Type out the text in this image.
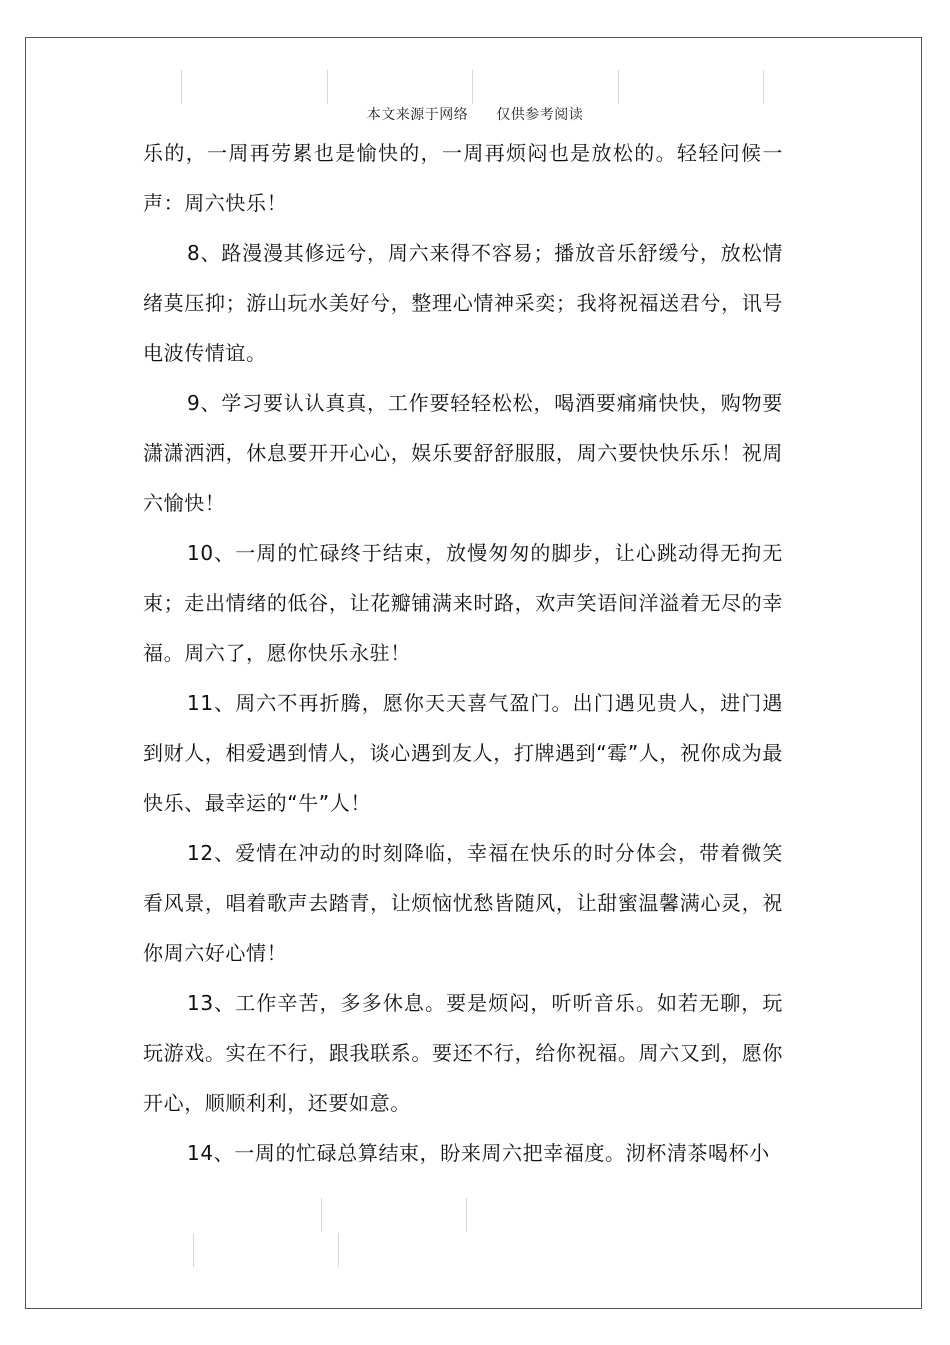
本文来源于网络 仅供参考阅读

乐的，一周再劳累也是愉快的，一周再烦闷也是放松的。轻轻问候一声：周六快乐！

8、路漫漫其修远兮，周六来得不容易；播放音乐舒缓兮，放松情绪莫压抑；游山玩水美好兮，整理心情神采奕；我将祝福送君兮，讯号电波传情谊。

9、学习要认认真真，工作要轻轻松松，喝酒要痛痛快快，购物要潇潇洒洒，休息要开开心心，娱乐要舒舒服服，周六要快快乐乐！祝周六愉快！

10、一周的忙碌终于结束，放慢匆匆的脚步，让心跳动得无拘无束；走出情绪的低谷，让花瓣铺满来时路，欢声笑语间洋溢着无尽的幸福。周六了，愿你快乐永驻！

11、周六不再折腾，愿你天天喜气盈门。出门遇见贵人，进门遇到财人，相爱遇到情人，谈心遇到友人，打牌遇到“霉”人，祝你成为最快乐、最幸运的“牛”人！

12、爱情在冲动的时刻降临，幸福在快乐的时分体会，带着微笑看风景，唱着歌声去踏青，让烦恼忧愁皆随风，让甜蜜温馨满心灵，祝你周六好心情！

13、工作辛苦，多多休息。要是烦闷，听听音乐。如若无聊，玩玩游戏。实在不行，跟我联系。要还不行，给你祝福。周六又到，愿你开心，顺顺利利，还要如意。

14、一周的忙碌总算结束，盼来周六把幸福度。沏杯清茶喝杯小
